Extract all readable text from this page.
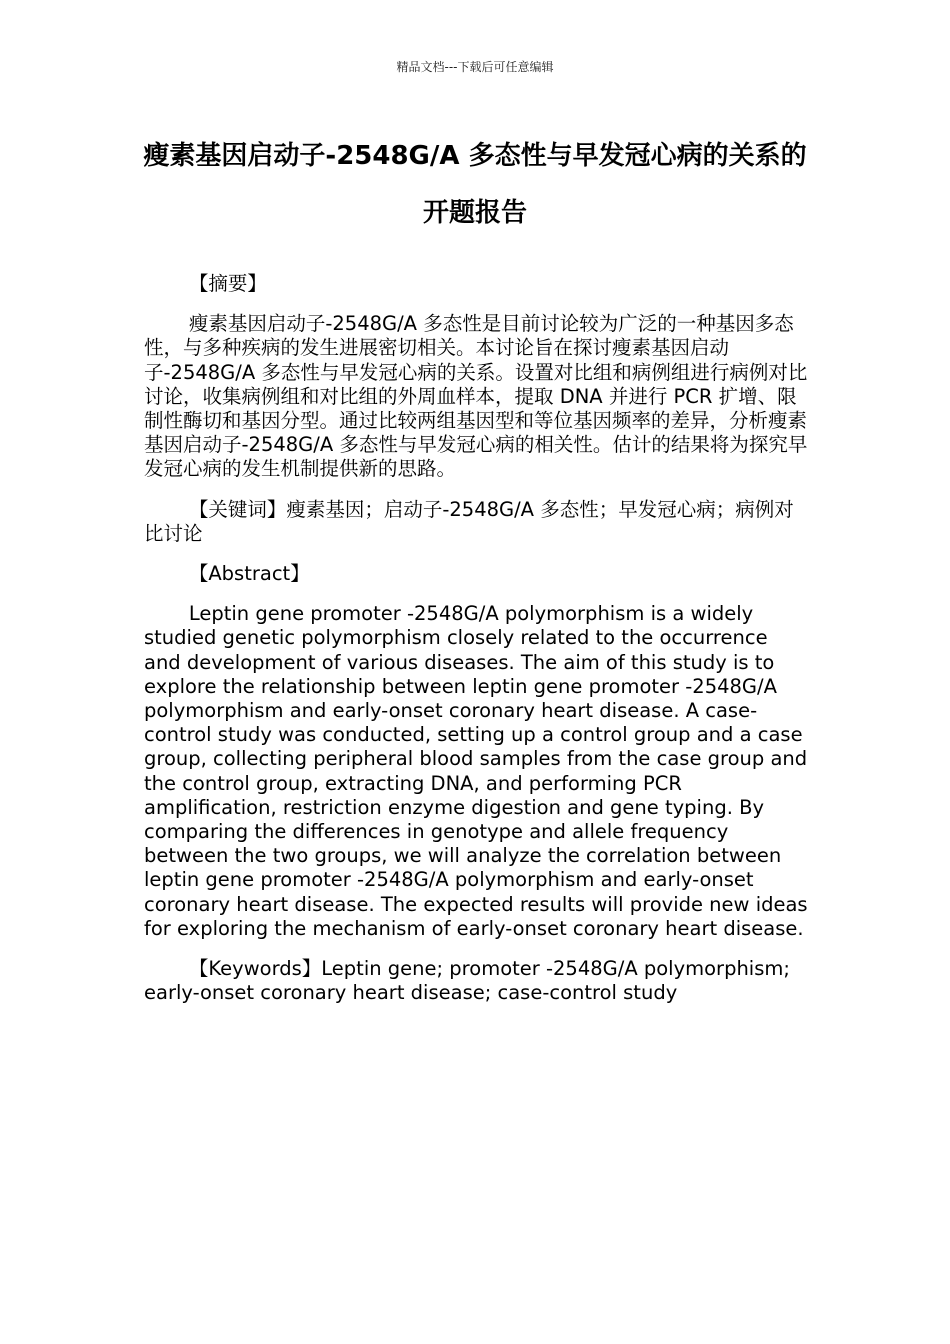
精品文档---下载后可任意编辑
瘦素基因启动子-2548G/A 多态性与早发冠心病的关系的开题报告

【摘要】

瘦素基因启动子-2548G/A 多态性是目前讨论较为广泛的一种基因多态性，与多种疾病的发生进展密切相关。本讨论旨在探讨瘦素基因启动子-2548G/A 多态性与早发冠心病的关系。设置对比组和病例组进行病例对比讨论，收集病例组和对比组的外周血样本，提取 DNA 并进行 PCR 扩增、限制性酶切和基因分型。通过比较两组基因型和等位基因频率的差异，分析瘦素基因启动子-2548G/A 多态性与早发冠心病的相关性。估计的结果将为探究早发冠心病的发生机制提供新的思路。

【关键词】瘦素基因；启动子-2548G/A 多态性；早发冠心病；病例对比讨论

【Abstract】

Leptin gene promoter -2548G/A polymorphism is a widely studied genetic polymorphism closely related to the occurrence and development of various diseases. The aim of this study is to explore the relationship between leptin gene promoter -2548G/A polymorphism and early-onset coronary heart disease. A case-control study was conducted, setting up a control group and a case group, collecting peripheral blood samples from the case group and the control group, extracting DNA, and performing PCR amplification, restriction enzyme digestion and gene typing. By comparing the differences in genotype and allele frequency between the two groups, we will analyze the correlation between leptin gene promoter -2548G/A polymorphism and early-onset coronary heart disease. The expected results will provide new ideas for exploring the mechanism of early-onset coronary heart disease.

【Keywords】Leptin gene; promoter -2548G/A polymorphism; early-onset coronary heart disease; case-control study
